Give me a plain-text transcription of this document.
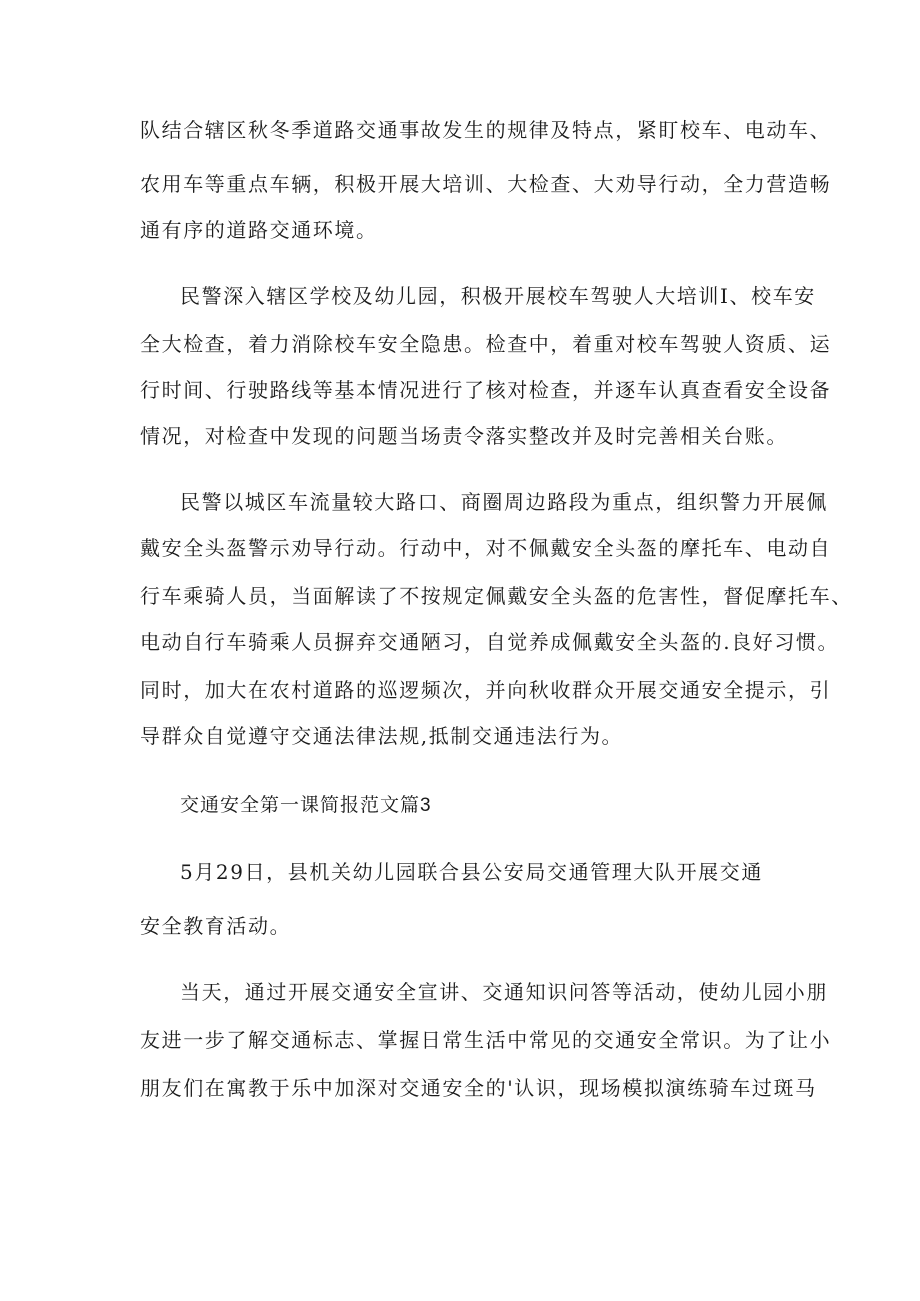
队结合辖区秋冬季道路交通事故发生的规律及特点，紧盯校车、电动车、
农用车等重点车辆，积极开展大培训、大检查、大劝导行动，全力营造畅
通有序的道路交通环境。
民警深入辖区学校及幼儿园，积极开展校车驾驶人大培训I、校车安
全大检查，着力消除校车安全隐患。检查中，着重对校车驾驶人资质、运
行时间、行驶路线等基本情况进行了核对检查，并逐车认真查看安全设备
情况，对检查中发现的问题当场责令落实整改并及时完善相关台账。
民警以城区车流量较大路口、商圈周边路段为重点，组织警力开展佩
戴安全头盔警示劝导行动。行动中，对不佩戴安全头盔的摩托车、电动自
行车乘骑人员，当面解读了不按规定佩戴安全头盔的危害性，督促摩托车、
电动自行车骑乘人员摒弃交通陋习，自觉养成佩戴安全头盔的.良好习惯。
同时，加大在农村道路的巡逻频次，并向秋收群众开展交通安全提示，引
导群众自觉遵守交通法律法规,抵制交通违法行为。
交通安全第一课简报范文篇3
5月29日，县机关幼儿园联合县公安局交通管理大队开展交通
安全教育活动。
当天，通过开展交通安全宣讲、交通知识问答等活动，使幼儿园小朋
友进一步了解交通标志、掌握日常生活中常见的交通安全常识。为了让小
朋友们在寓教于乐中加深对交通安全的'认识，现场模拟演练骑车过斑马
